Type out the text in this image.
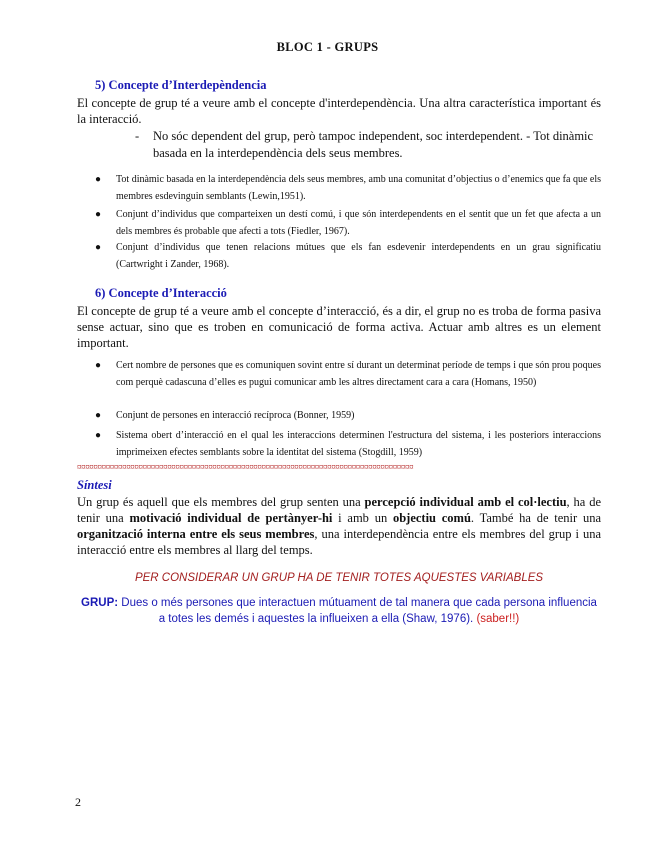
BLOC 1 - GRUPS
5) Concepte d’Interdepèndencia
El concepte de grup té a veure amb el concepte d'interdependència. Una altra característica important és la interacció.
- No sóc dependent del grup, però tampoc independent, soc interdependent. - Tot dinàmic basada en la interdependència dels seus membres.
● Tot dinàmic basada en la interdependència dels seus membres, amb una comunitat d’objectius o d’enemics que fa que els membres esdevinguin semblants (Lewin,1951).
● Conjunt d’individus que comparteixen un destí comú, i que són interdependents en el sentit que un fet que afecta a un dels membres és probable que afecti a tots (Fiedler, 1967).
● Conjunt d’individus que tenen relacions mútues que els fan esdevenir interdependents en un grau significatiu (Cartwright i Zander, 1968).
6) Concepte d’Interacció
El concepte de grup té a veure amb el concepte d’interacció, és a dir, el grup no es troba de forma pasiva sense actuar, sino que es troben en comunicació de forma activa. Actuar amb altres es un element important.
● Cert nombre de persones que es comuniquen sovint entre sí durant un determinat període de temps i que són prou poques com perquè cadascuna d’elles es pugui comunicar amb les altres directament cara a cara (Homans, 1950)
● Conjunt de persones en interacció recíproca (Bonner, 1959)
● Sistema obert d’interacció en el qual les interaccions determinen l'estructura del sistema, i les posteriors interaccions imprimeixen efectes semblants sobre la identitat del sistema (Stogdill, 1959)
¤¤¤¤¤¤¤¤¤¤¤¤¤¤¤¤¤¤¤¤¤¤¤¤¤¤¤¤¤¤¤¤¤¤¤¤¤¤¤¤¤¤¤¤¤¤¤¤¤¤¤¤¤¤¤¤¤¤¤¤¤¤¤¤¤¤¤¤¤¤¤¤¤¤¤¤¤¤¤¤¤¤
Síntesi
Un grup és aquell que els membres del grup senten una percepció individual amb el col·lectiu, ha de tenir una motivació individual de pertànyer-hi i amb un objectiu comú. També ha de tenir una organització interna entre els seus membres, una interdependència entre els membres del grup i una interacció entre els membres al llarg del temps.
PER CONSIDERAR UN GRUP HA DE TENIR TOTES AQUESTES VARIABLES
GRUP: Dues o més persones que interactuen mútuament de tal manera que cada persona influencia a totes les demés i aquestes la influeixen a ella (Shaw, 1976). (saber!!)
2
